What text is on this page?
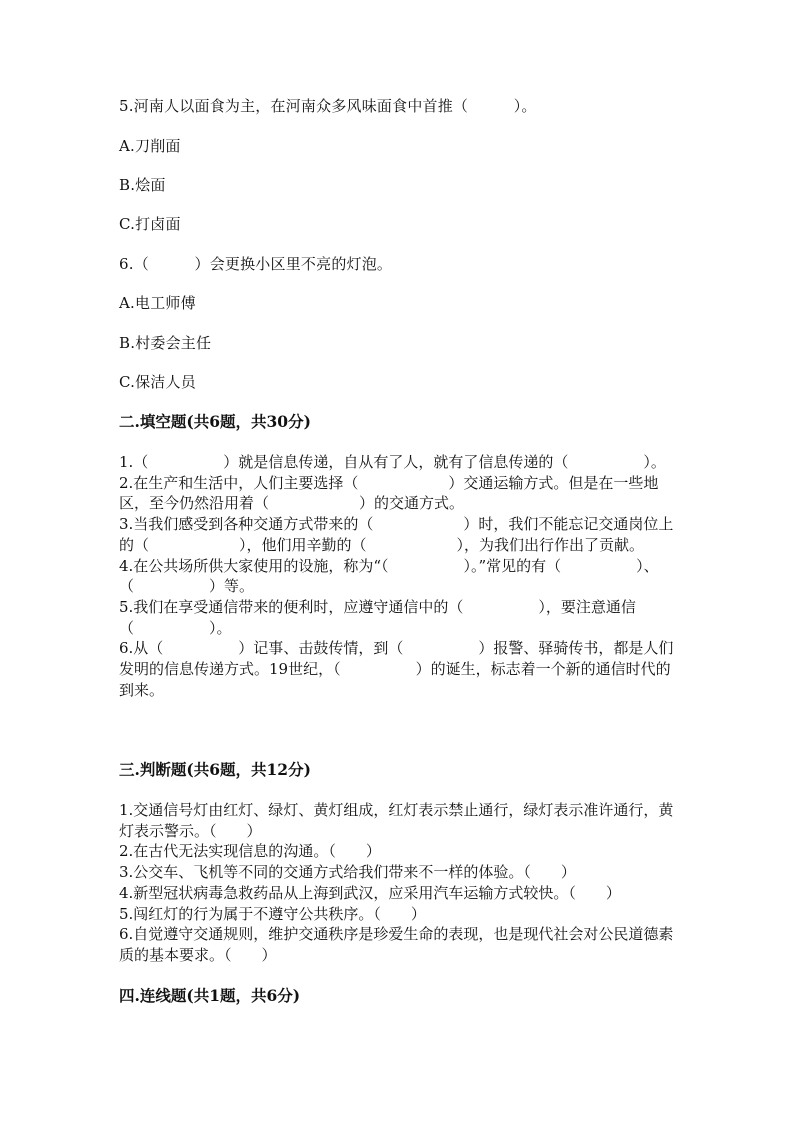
5.河南人以面食为主，在河南众多风味面食中首推（　　　）。
A.刀削面
B.烩面
C.打卤面
6.（　　　）会更换小区里不亮的灯泡。
A.电工师傅
B.村委会主任
C.保洁人员
二.填空题(共6题，共30分)
1.（　　　　　）就是信息传递，自从有了人，就有了信息传递的（　　　　　）。
2.在生产和生活中，人们主要选择（　　　　　　）交通运输方式。但是在一些地区，至今仍然沿用着（　　　　　　）的交通方式。
3.当我们感受到各种交通方式带来的（　　　　　　）时，我们不能忘记交通岗位上的（　　　　　　），他们用辛勤的（　　　　　　），为我们出行作出了贡献。
4.在公共场所供大家使用的设施，称为“（　　　　　）。”常见的有（　　　　　）、（　　　　　）等。
5.我们在享受通信带来的便利时，应遵守通信中的（　　　　　），要注意通信（　　　　　）。
6.从（　　　　　）记事、击鼓传情，到（　　　　　）报警、驿骑传书，都是人们发明的信息传递方式。19世纪，（　　　　　）的诞生，标志着一个新的通信时代的到来。
三.判断题(共6题，共12分)
1.交通信号灯由红灯、绿灯、黄灯组成，红灯表示禁止通行，绿灯表示准许通行，黄灯表示警示。（　　）
2.在古代无法实现信息的沟通。（　　）
3.公交车、飞机等不同的交通方式给我们带来不一样的体验。（　　）
4.新型冠状病毒急救药品从上海到武汉，应采用汽车运输方式较快。（　　）
5.闯红灯的行为属于不遵守公共秩序。（　　）
6.自觉遵守交通规则，维护交通秩序是珍爱生命的表现，也是现代社会对公民道德素质的基本要求。（　　）
四.连线题(共1题，共6分)
